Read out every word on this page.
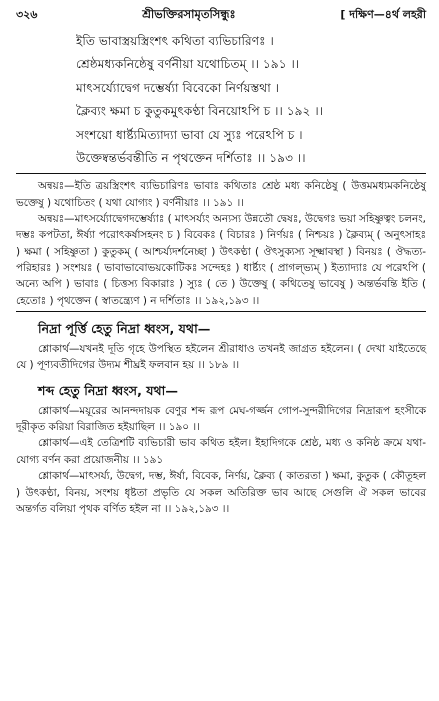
৩২৬	শ্রীভক্তিরসামৃতসিন্ধুঃ	[ দক্ষিণ—৪র্থ লহরী
ইতি ভাবাস্ত্রয়স্ত্রিংশৎ কথিতা ব্যভিচারিণঃ ।
শ্রেষ্ঠমধ্যকনিষ্ঠেষু বর্ণনীয়া যথোচিতম্‌ ।। ১৯১ ।।
মাৎসর্য্যোদ্বেগ দম্ভের্ষ্যা বিবেকো নির্ণয়স্তথা ।
ক্লৈব্যং ক্ষমা চ কুতুকমুৎকণ্ঠা বিনয়োঽপি চ ।। ১৯২ ।।
সংশয়ো ধার্ষ্ট্যমিত্যাদ্যা ভাবা যে স্যুঃ পরেঽপি চ ।
উক্তেষ্বন্তর্ভবন্তীতি ন পৃথক্তেন দর্শিতাঃ ।। ১৯৩ ।।

অন্বয়ঃ—ইতি ত্রয়স্ত্রিংশৎ ব্যভিচারিণঃ ভাবাঃ কথিতাঃ শ্রেষ্ঠ মধ্য কনিষ্ঠেষু ( উত্তমমধ্যমকনিষ্ঠেষু ভক্তেষু ) যথোচিতং ( যথা যোগ্যং ) বর্ণনীয়াঃ ।। ১৯১ ।।

অন্বয়ঃ—মাৎসর্য্যোদ্বেগদম্ভের্ষ্যাঃ ( মাৎসর্য্যং অন্যস্য উন্নতৌ দ্বেষঃ, উদ্বেগঃ ভয়া সহিষ্ণুত্বং চলনং, দম্ভঃ কপটতা, ঈর্ষ্যা পরোৎকর্ষাসহনং চ ) বিবেকঃ ( বিচারঃ ) নির্ণয়ঃ ( নিশ্চয়ঃ ) ক্লৈব্যম্‌ ( অনুৎসাহঃ ) ক্ষমা ( সহিষ্ণুতা ) কুতুকম্‌ ( আশ্চর্য্যদর্শনেচ্ছা ) উৎকণ্ঠা ( ঔৎসুক্যস্য সূক্ষ্মাবস্থা ) বিনয়ঃ ( ঔদ্ধত্য-পরিহারঃ ) সংশয়ঃ ( ভাবাভাবোভয়কোটিকঃ সন্দেহঃ ) ধার্ষ্ট্যং ( প্রাগল্‌ভ্যম্‌ ) ইত্যাদ্যাঃ যে পরেঽপি ( অন্যে অপি ) ভাবাঃ ( চিত্তস্য বিকারাঃ ) স্যুঃ ( তে ) উক্তেষু ( কথিতেষু ভাবেষু ) অন্তর্ভবন্তি ইতি ( হেতোঃ ) পৃথক্তেন ( স্বাতন্ত্র্যেণ ) ন দর্শিতাঃ ।। ১৯২,১৯৩ ।।

নিদ্রা পূর্ত্তি হেতু নিদ্রা ধ্বংস, যথা—

শ্লোকার্থ—যখনই দূতি গৃহে উপস্থিত হইলেন শ্রীরাধাও তখনই জাগ্রত হইলেন। ( দেখা যাইতেছে যে ) পূণ্যবতীদিগের উদ্যম শীঘ্রই ফলবান হয় ।। ১৮৯ ।।

শব্দ হেতু নিদ্রা ধ্বংস, যথা—

শ্লোকার্থ—ময়ূরের আনন্দদায়ক বেণুর শব্দ রূপ মেঘ-গর্জ্জন গোপ-সুন্দরীদিগের নিদ্রারূপ হংসীকে দূরীকৃত করিয়া বিরাজিত হইয়াছিল ।। ১৯০ ।।

শ্লোকার্থ—এই তেত্রিশটি ব্যভিচারী ভাব কথিত হইল। ইহাদিগকে শ্রেষ্ঠ, মধ্য ও কনিষ্ঠ ক্রমে যথা-যোগ্য বর্ণন করা প্রয়োজনীয় ।। ১৯১

শ্লোকার্থ—মাৎসর্য্য, উদ্বেগ, দম্ভ, ঈর্ষা, বিবেক, নির্ণয়, ক্লৈব্য ( কাতরতা ) ক্ষমা, কুতুক ( কৌতূহল ) উৎকণ্ঠা, বিনয়, সংশয় ধৃষ্টতা প্রভৃতি যে সকল অতিরিক্ত ভাব আছে সেগুলি ঐ সকল ভাবের অন্তর্গত বলিয়া পৃথক বর্ণিত হইল না ।। ১৯২,১৯৩ ।।
